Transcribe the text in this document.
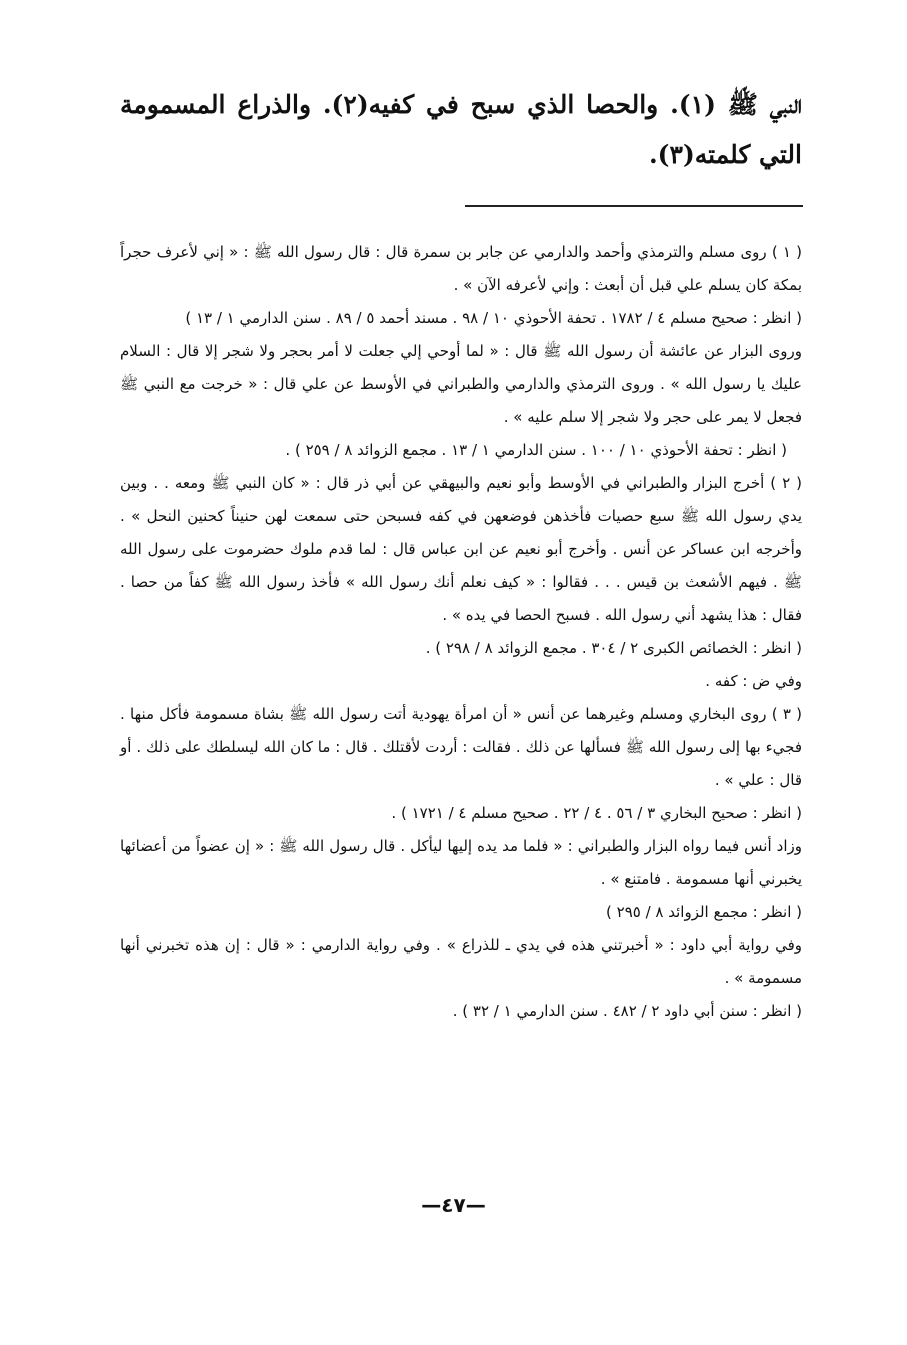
النبي ﷺ (١). والحصا الذي سبح في كفيه(٢). والذراع المسمومة التي كلمته(٣).

( ١ ) روى مسلم والترمذي وأحمد والدارمي عن جابر بن سمرة قال : قال رسول الله ﷺ : « إني لأعرف حجراً بمكة كان يسلم علي قبل أن أبعث : وإني لأعرفه الآن » .

( انظر : صحيح مسلم ٤ / ١٧٨٢ . تحفة الأحوذي ١٠ / ٩٨ . مسند أحمد ٥ / ٨٩ . سنن الدارمي ١ / ١٣ )

وروى البزار عن عائشة أن رسول الله ﷺ قال : « لما أوحي إلي جعلت لا أمر بحجر ولا شجر إلا قال : السلام عليك يا رسول الله » . وروى الترمذي والدارمي والطبراني في الأوسط عن علي قال : « خرجت مع النبي ﷺ فجعل لا يمر على حجر ولا شجر إلا سلم عليه » .

( انظر : تحفة الأحوذي ١٠ / ١٠٠ . سنن الدارمي ١ / ١٣ . مجمع الزوائد ٨ / ٢٥٩ ) .

( ٢ ) أخرج البزار والطبراني في الأوسط وأبو نعيم والبيهقي عن أبي ذر قال : « كان النبي ﷺ ومعه . . وبين يدي رسول الله ﷺ سبع حصيات فأخذهن فوضعهن في كفه فسبحن حتى سمعت لهن حنيناً كحنين النحل » . وأخرجه ابن عساكر عن أنس . وأخرج أبو نعيم عن ابن عباس قال : لما قدم ملوك حضرموت على رسول الله ﷺ . فيهم الأشعث بن قيس . . . فقالوا : « كيف نعلم أنك رسول الله » فأخذ رسول الله ﷺ كفاً من حصا . فقال : هذا يشهد أني رسول الله . فسبح الحصا في يده » .

( انظر : الخصائص الكبرى ٢ / ٣٠٤ . مجمع الزوائد ٨ / ٢٩٨ ) .

وفي ض : كفه .

( ٣ ) روى البخاري ومسلم وغيرهما عن أنس « أن امرأة يهودية أتت رسول الله ﷺ بشاة مسمومة فأكل منها . فجيء بها إلى رسول الله ﷺ فسألها عن ذلك . فقالت : أردت لأقتلك . قال : ما كان الله ليسلطك على ذلك . أو قال : علي » .

( انظر : صحيح البخاري ٣ / ٥٦ . ٤ / ٢٢ . صحيح مسلم ٤ / ١٧٢١ ) .

وزاد أنس فيما رواه البزار والطبراني : « فلما مد يده إليها ليأكل . قال رسول الله ﷺ : « إن عضواً من أعضائها يخبرني أنها مسمومة . فامتنع » .

( انظر : مجمع الزوائد ٨ / ٢٩٥ )

وفي رواية أبي داود : « أخبرتني هذه في يدي ـ للذراع » . وفي رواية الدارمي : « قال : إن هذه تخبرني أنها مسمومة » .

( انظر : سنن أبي داود ٢ / ٤٨٢ . سنن الدارمي ١ / ٣٢ ) .

—٤٧—
